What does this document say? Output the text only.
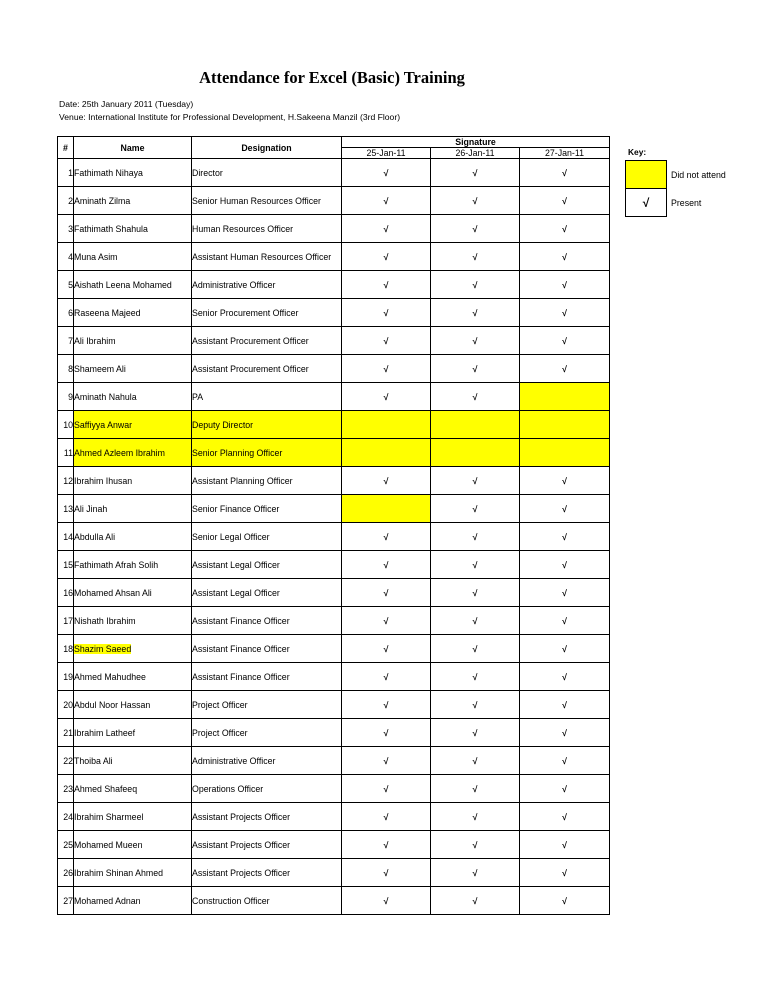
Attendance for Excel (Basic) Training
Date: 25th January 2011 (Tuesday)
Venue: International Institute for Professional Development, H.Sakeena Manzil (3rd Floor)
#	Name	Designation	Signature		
			25-Jan-11	26-Jan-11	27-Jan-11
1	Fathimath Nihaya	Director	√	√	√
2	Aminath Zilma	Senior Human Resources Officer	√	√	√
3	Fathimath Shahula	Human Resources Officer	√	√	√
4	Muna Asim	Assistant Human Resources Officer	√	√	√
5	Aishath Leena Mohamed	Administrative Officer	√	√	√
6	Raseena Majeed	Senior Procurement Officer	√	√	√
7	Ali Ibrahim	Assistant Procurement Officer	√	√	√
8	Shameem Ali	Assistant Procurement Officer	√	√	√
9	Aminath Nahula	PA	√	√	
10	Saffiyya Anwar	Deputy Director			
11	Ahmed Azleem Ibrahim	Senior Planning Officer			
12	Ibrahim Ihusan	Assistant Planning Officer	√	√	√
13	Ali Jinah	Senior Finance Officer		√	√
14	Abdulla Ali	Senior Legal Officer	√	√	√
15	Fathimath Afrah Solih	Assistant Legal Officer	√	√	√
16	Mohamed Ahsan Ali	Assistant Legal Officer	√	√	√
17	Nishath Ibrahim	Assistant Finance Officer	√	√	√
18	Shazim Saeed	Assistant Finance Officer	√	√	√
19	Ahmed Mahudhee	Assistant Finance Officer	√	√	√
20	Abdul Noor Hassan	Project Officer	√	√	√
21	Ibrahim Latheef	Project Officer	√	√	√
22	Thoiba Ali	Administrative Officer	√	√	√
23	Ahmed Shafeeq	Operations Officer	√	√	√
24	Ibrahim Sharmeel	Assistant Projects Officer	√	√	√
25	Mohamed Mueen	Assistant Projects Officer	√	√	√
26	Ibrahim Shinan Ahmed	Assistant Projects Officer	√	√	√
27	Mohamed Adnan	Construction Officer	√	√	√
Key:
	Did not attend
√	Present
